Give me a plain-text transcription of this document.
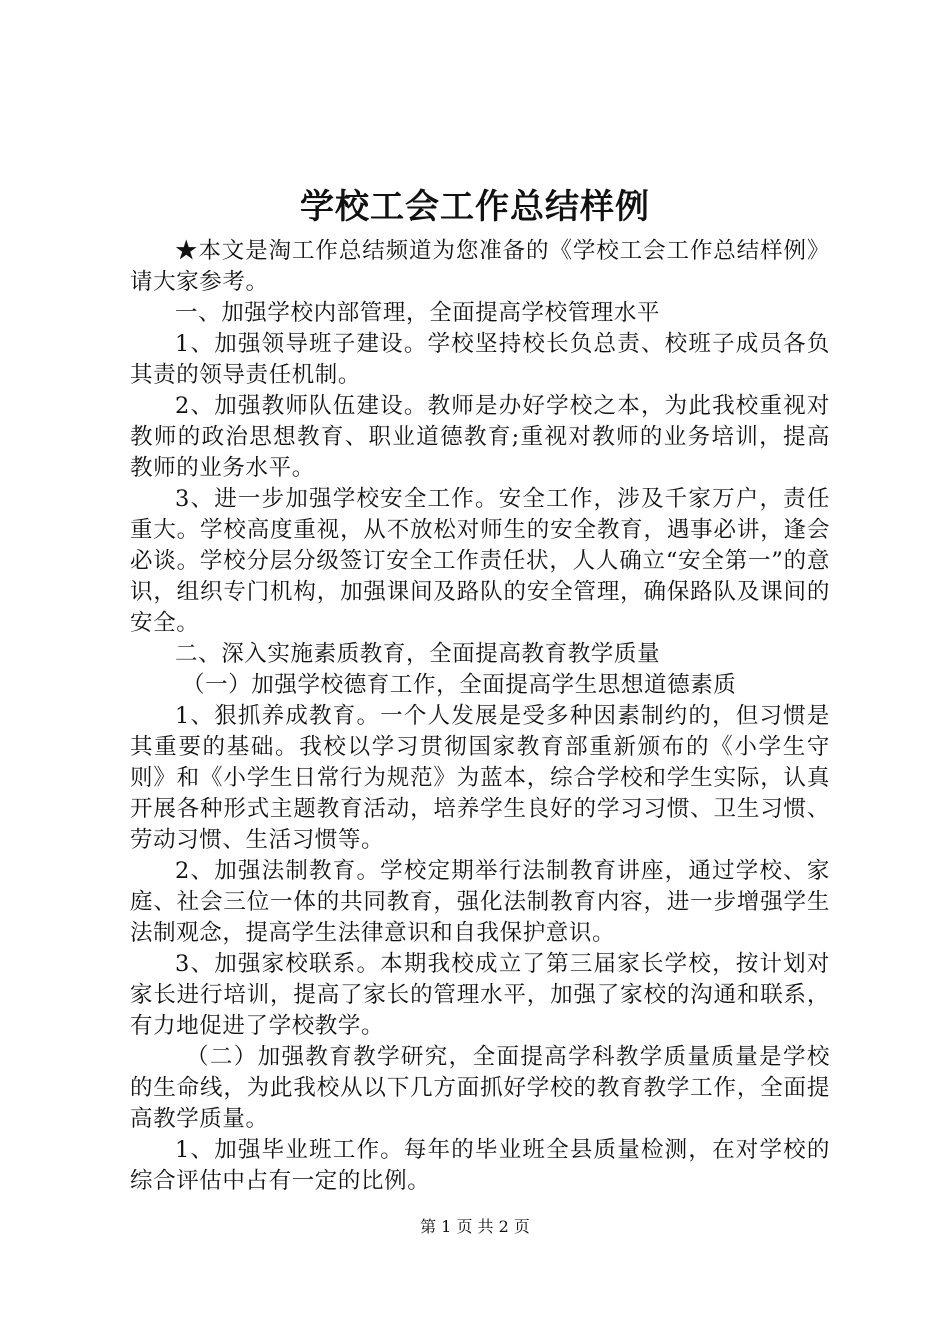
学校工会工作总结样例

★本文是淘工作总结频道为您准备的《学校工会工作总结样例》请大家参考。

一、加强学校内部管理，全面提高学校管理水平

1、加强领导班子建设。学校坚持校长负总责、校班子成员各负其责的领导责任机制。

2、加强教师队伍建设。教师是办好学校之本，为此我校重视对教师的政治思想教育、职业道德教育;重视对教师的业务培训，提高教师的业务水平。

3、进一步加强学校安全工作。安全工作，涉及千家万户，责任重大。学校高度重视，从不放松对师生的安全教育，遇事必讲，逢会必谈。学校分层分级签订安全工作责任状，人人确立“安全第一”的意识，组织专门机构，加强课间及路队的安全管理，确保路队及课间的安全。

二、深入实施素质教育，全面提高教育教学质量

（一）加强学校德育工作，全面提高学生思想道德素质

1、狠抓养成教育。一个人发展是受多种因素制约的，但习惯是其重要的基础。我校以学习贯彻国家教育部重新颁布的《小学生守则》和《小学生日常行为规范》为蓝本，综合学校和学生实际，认真开展各种形式主题教育活动，培养学生良好的学习习惯、卫生习惯、劳动习惯、生活习惯等。

2、加强法制教育。学校定期举行法制教育讲座，通过学校、家庭、社会三位一体的共同教育，强化法制教育内容，进一步增强学生法制观念，提高学生法律意识和自我保护意识。

3、加强家校联系。本期我校成立了第三届家长学校，按计划对家长进行培训，提高了家长的管理水平，加强了家校的沟通和联系，有力地促进了学校教学。

（二）加强教育教学研究，全面提高学科教学质量质量是学校的生命线，为此我校从以下几方面抓好学校的教育教学工作，全面提高教学质量。

1、加强毕业班工作。每年的毕业班全县质量检测，在对学校的综合评估中占有一定的比例。

第 1 页 共 2 页
